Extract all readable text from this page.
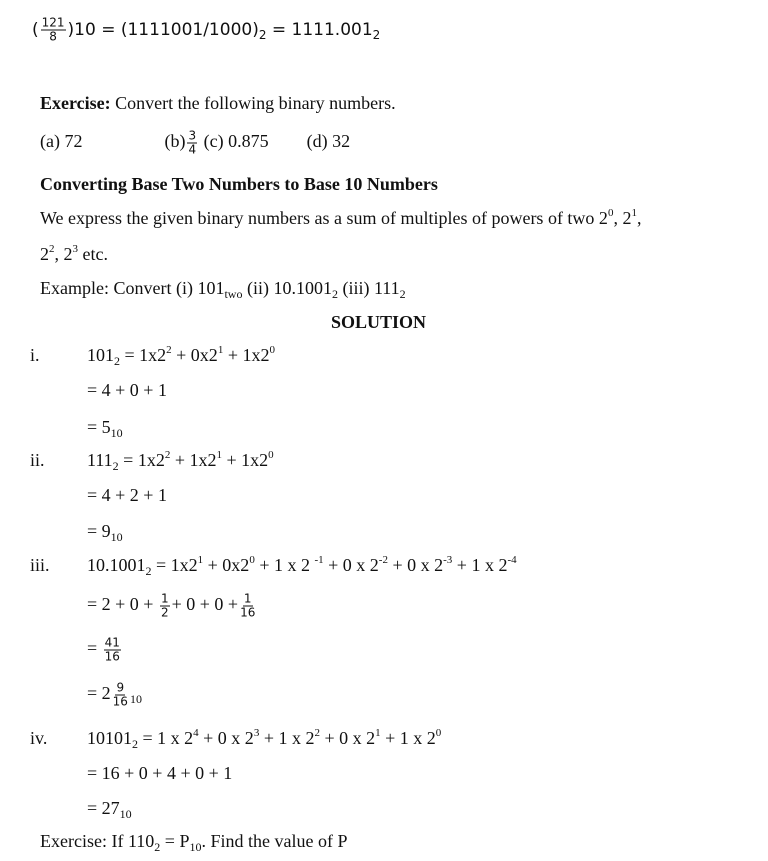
( $\frac{121}{8} )10 = (1111001/1000)_2 = 1111.001_2$
Exercise: Convert the following binary numbers.
(a) 72	$(b) \frac{3}{4} (c)$ 0.875 (d) 32
Converting Base Two Numbers to Base 10 Numbers
We express the given binary numbers as a sum of multiples of powers of two $2^0$, $2^1$,
$2^2$, $2^3$ etc.
Example: Convert (i) $101_{two}$ (ii) $10.1001_2$ (iii) $111_2$
SOLUTION
i.	$101_2 = 1x2^2 + 0x2^1 + 1x2^0$
= 4 + 0 + 1
= $5_{10}$
ii. $111_2 = 1x2^2 + 1x2^1 + 1x2^0$
= 4 + 2 + 1
= $9_{10}$
iii. $10.1001_2 = 1x2^1 + 0x2^0 + 1$ x 2 $^{-1}$ + 0 x $2^{-2} + 0$ x $2^{-3} + 1$ x $2^{-4}$
= $2 + 0 + \frac{1}{2} + 0 + 0 + \frac{1}{16}$
= $\frac{41}{16}$
= $2 \frac{9}{16} _{10}$
iv. $10101_2 = 1$ x $2^4 + 0$ x $2^3 + 1$ x $2^2 + 0$ x $2^1 + 1$ x $2^0$
= 16 + 0 + 4 + 0 + 1
= $27_{10}$
Exercise: If $110_2 = P_{10}$. Find the value of P
